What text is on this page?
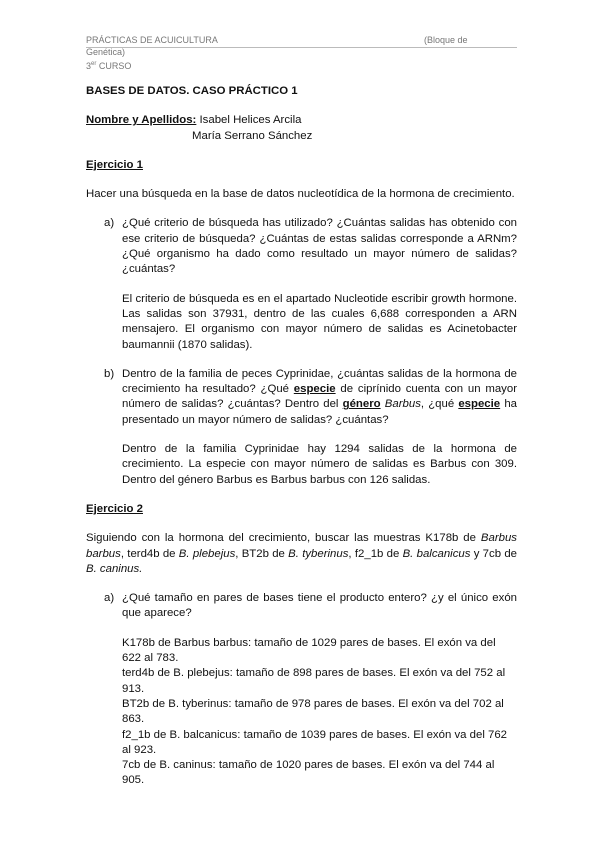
PRÁCTICAS DE ACUICULTURA	(Bloque de

Genética)
3er CURSO

BASES DE DATOS. CASO PRÁCTICO 1

Nombre y Apellidos: Isabel Helices Arcila
María Serrano Sánchez

Ejercicio 1

Hacer una búsqueda en la base de datos nucleotídica de la hormona de crecimiento.

a) ¿Qué criterio de búsqueda has utilizado? ¿Cuántas salidas has obtenido con ese criterio de búsqueda? ¿Cuántas de estas salidas corresponde a ARNm? ¿Qué organismo ha dado como resultado un mayor número de salidas? ¿cuántas?

El criterio de búsqueda es en el apartado Nucleotide escribir growth hormone. Las salidas son 37931, dentro de las cuales 6,688 corresponden a ARN mensajero. El organismo con mayor número de salidas es Acinetobacter baumannii (1870 salidas).

b) Dentro de la familia de peces Cyprinidae, ¿cuántas salidas de la hormona de crecimiento ha resultado? ¿Qué especie de ciprínido cuenta con un mayor número de salidas? ¿cuántas? Dentro del género Barbus, ¿qué especie ha presentado un mayor número de salidas? ¿cuántas?

Dentro de la familia Cyprinidae hay 1294 salidas de la hormona de crecimiento. La especie con mayor número de salidas es Barbus con 309. Dentro del género Barbus es Barbus barbus con 126 salidas.

Ejercicio 2

Siguiendo con la hormona del crecimiento, buscar las muestras K178b de Barbus barbus, terd4b de B. plebejus, BT2b de B. tyberinus, f2_1b de B. balcanicus y 7cb de B. caninus.

a) ¿Qué tamaño en pares de bases tiene el producto entero? ¿y el único exón que aparece?

K178b de Barbus barbus: tamaño de 1029 pares de bases. El exón va del 622 al 783.

terd4b de B. plebejus: tamaño de 898 pares de bases. El exón va del 752 al 913.

BT2b de B. tyberinus: tamaño de 978 pares de bases. El exón va del 702 al 863.

f2_1b de B. balcanicus: tamaño de 1039 pares de bases. El exón va del 762 al 923.

7cb de B. caninus: tamaño de 1020 pares de bases. El exón va del 744 al 905.
